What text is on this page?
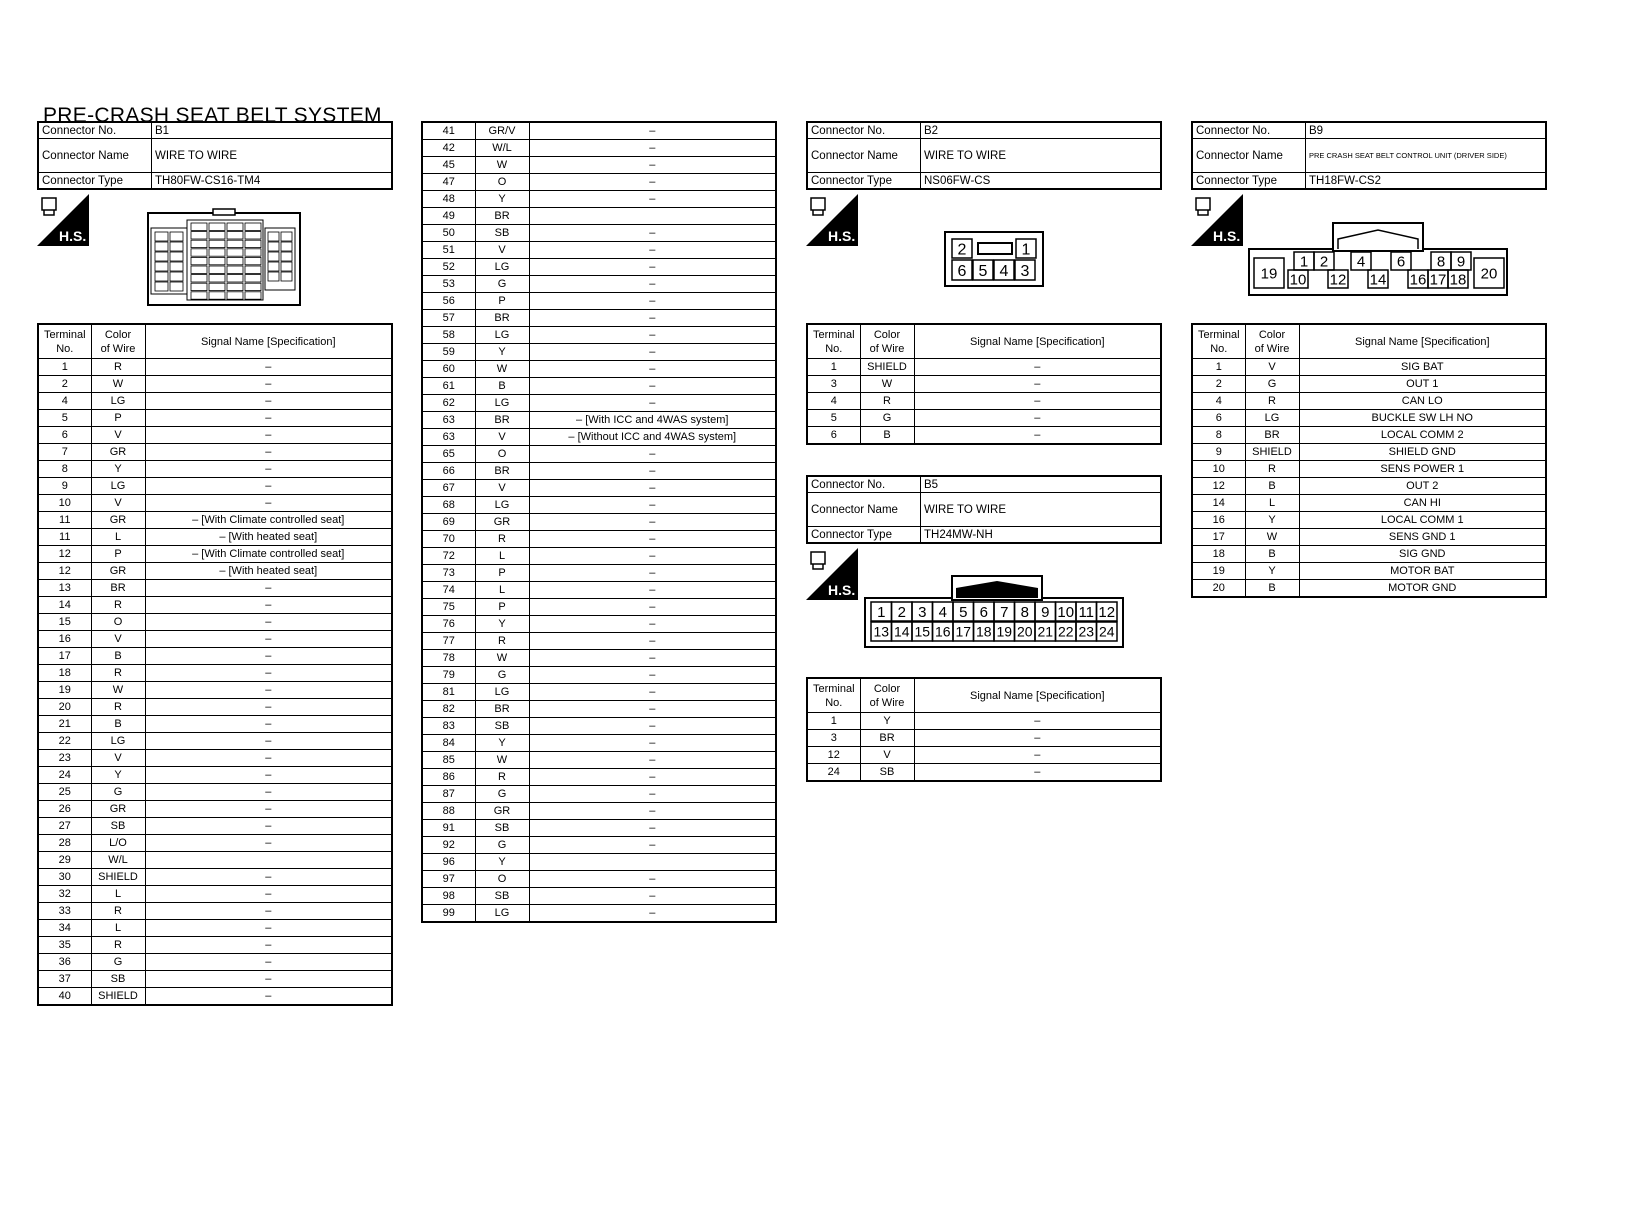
PRE-CRASH SEAT BELT SYSTEM
Connector No.	B1
Connector Name	WIRE TO WIRE
Connector Type	TH80FW-CS16-TM4
H.S.	H.S.	H.S.
H.S.
2	1
6 5 4 3
1 2 3 4 5 6 7 8 9 10 11 12
13 14 15 16 17 18 19 20 21 22 23 24
1 2 4 6 8 9
19 10 12 14 16 17 18 20
Terminal
No.	Color
of Wire	Signal Name [Specification]
1	R	–
2	W	–
4	LG	–
5	P	–
6	V	–
7	GR	–
8	Y	–
9	LG	–
10	V	–
11	GR	– [With Climate controlled seat]
11	L	– [With heated seat]
12	P	– [With Climate controlled seat]
12	GR	– [With heated seat]
13	BR	–
14	R	–
15	O	–
16	V	–
17	B	–
18	R	–
19	W	–
20	R	–
21	B	–
22	LG	–
23	V	–
24	Y	–
25	G	–
26	GR	–
27	SB	–
28	L/O	–
29	W/L	
30	SHIELD	–
32	L	–
33	R	–
34	L	–
35	R	–
36	G	–
37	SB	–
40	SHIELD	–
41	GR/V	–
42	W/L	–
45	W	–
47	O	–
48	Y	–
49	BR	
50	SB	–
51	V	–
52	LG	–
53	G	–
56	P	–
57	BR	–
58	LG	–
59	Y	–
60	W	–
61	B	–
62	LG	–
63	BR	– [With ICC and 4WAS system]
63	V	– [Without ICC and 4WAS system]
65	O	–
66	BR	–
67	V	–
68	LG	–
69	GR	–
70	R	–
72	L	–
73	P	–
74	L	–
75	P	–
76	Y	–
77	R	–
78	W	–
79	G	–
81	LG	–
82	BR	–
83	SB	–
84	Y	–
85	W	–
86	R	–
87	G	–
88	GR	–
91	SB	–
92	G	–
96	Y	
97	O	–
98	SB	–
99	LG	–
Connector No.	B2
Connector Name	WIRE TO WIRE
Connector Type	NS06FW-CS
Terminal
No.	Color
of Wire	Signal Name [Specification]
1	SHIELD	–
3	W	–
4	R	–
5	G	–
6	B	–
Connector No.	B5
Connector Name	WIRE TO WIRE
Connector Type	TH24MW-NH
Terminal
No.	Color
of Wire	Signal Name [Specification]
1	Y	–
3	BR	–
12	V	–
24	SB	–
Connector No.	B9
Connector Name	PRE CRASH SEAT BELT CONTROL UNIT (DRIVER SIDE)
Connector Type	TH18FW-CS2
Terminal
No.	Color
of Wire	Signal Name [Specification]
1	V	SIG BAT
2	G	OUT 1
4	R	CAN LO
6	LG	BUCKLE SW LH NO
8	BR	LOCAL COMM 2
9	SHIELD	SHIELD GND
10	R	SENS POWER 1
12	B	OUT 2
14	L	CAN HI
16	Y	LOCAL COMM 1
17	W	SENS GND 1
18	B	SIG GND
19	Y	MOTOR BAT
20	B	MOTOR GND
